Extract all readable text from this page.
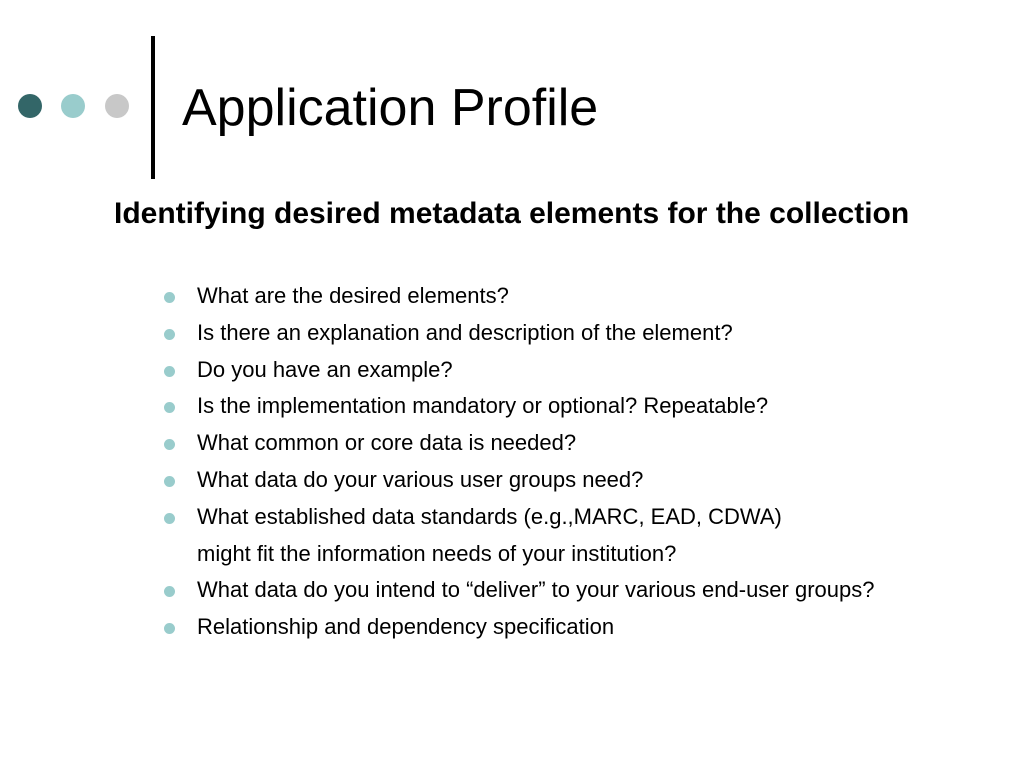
Application Profile
Identifying desired metadata elements for the collection
What are the desired elements?
Is there an explanation and description of the element?
Do you have an example?
Is the implementation mandatory or optional? Repeatable?
What common or core data is needed?
What data do your various user groups need?
What established data standards (e.g.,MARC, EAD, CDWA)
might fit the information needs of your institution?
What data do you intend to “deliver” to your various end-user groups?
Relationship and dependency specification
